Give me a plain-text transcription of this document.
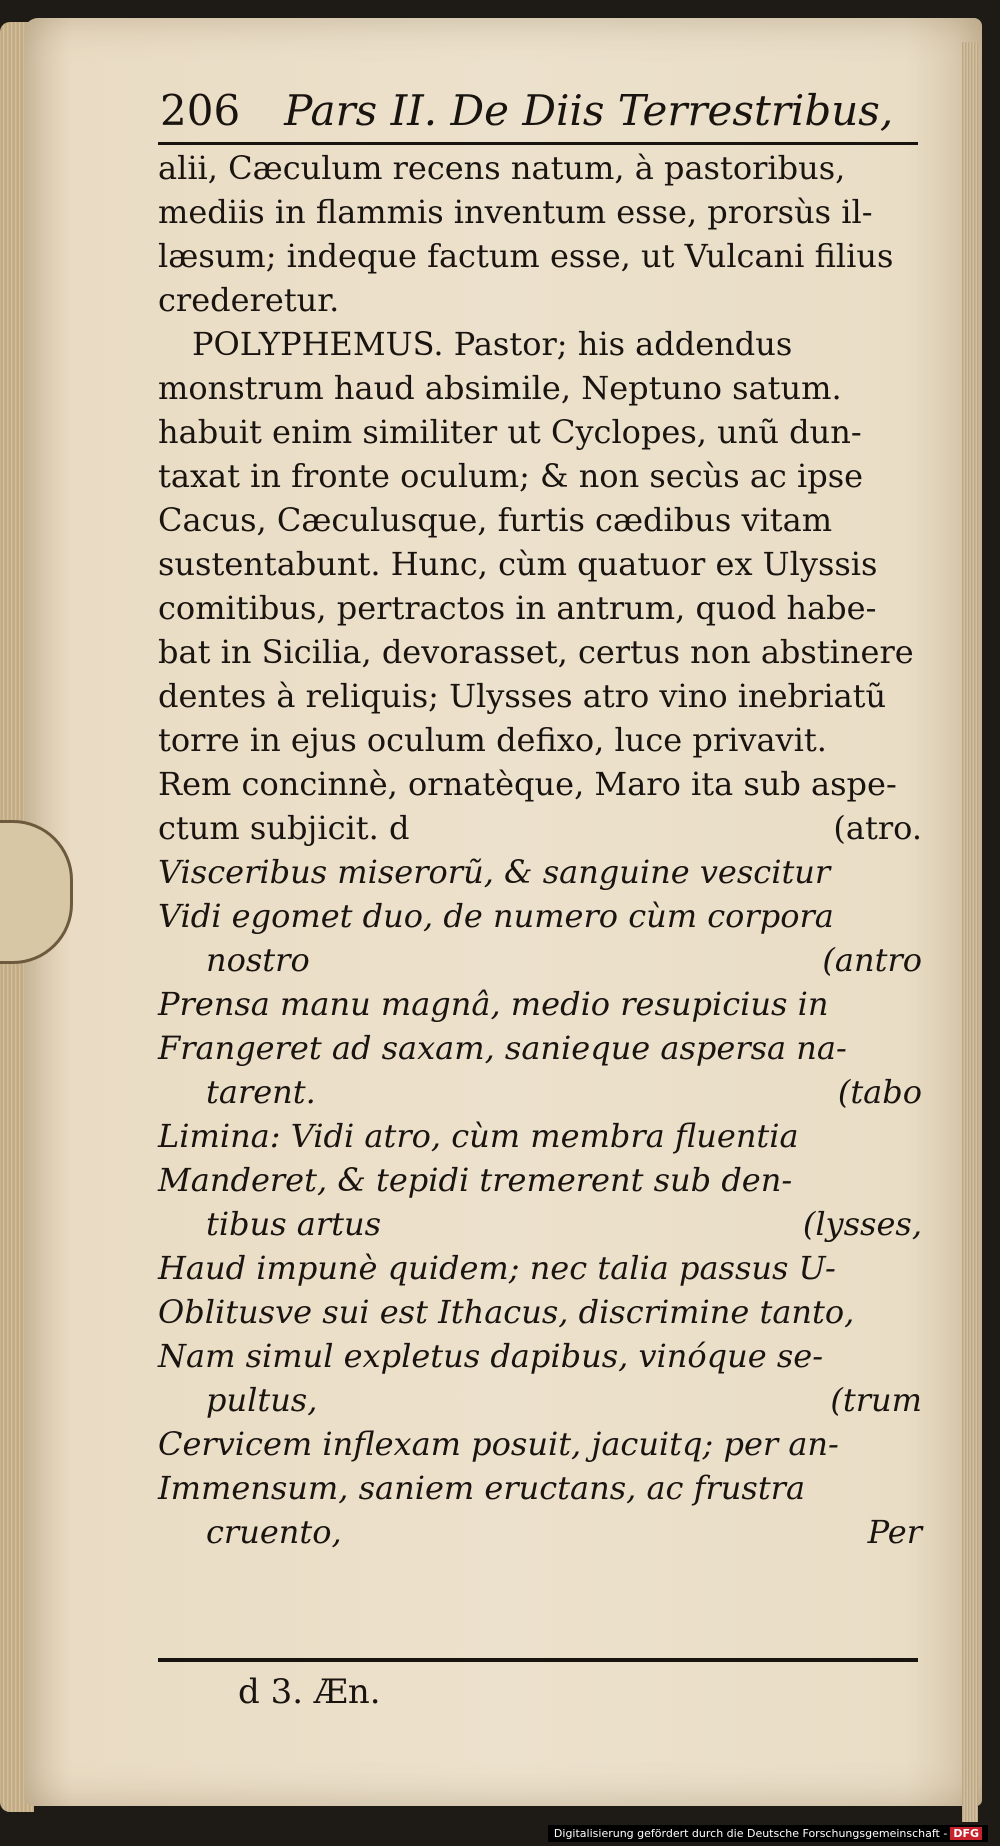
206 Pars II. De Diis Terrestribus,
alii, Cæculum recens natum, à pastoribus,
mediis in flammis inventum esse, prorsùs il-
læsum; indeque factum esse, ut Vulcani filius
crederetur.
POLYPHEMUS. Pastor; his addendus
monstrum haud absimile, Neptuno satum.
habuit enim similiter ut Cyclopes, unũ dun-
taxat in fronte oculum; & non secùs ac ipse
Cacus, Cæculusque, furtis cædibus vitam
sustentabunt. Hunc, cùm quatuor ex Ulyssis
comitibus, pertractos in antrum, quod habe-
bat in Sicilia, devorasset, certus non abstinere
dentes à reliquis; Ulysses atro vino inebriatũ
torre in ejus oculum defixo, luce privavit.
Rem concinnè, ornatèque, Maro ita sub aspe-
ctum subjicit. d	(atro.
Visceribus miserorũ, & sanguine vescitur
Vidi egomet duo, de numero cùm corpora
nostro	(antro
Prensa manu magnâ, medio resupicius in
Frangeret ad saxam, sanieque aspersa na-
tarent.	(tabo
Limina: Vidi atro, cùm membra fluentia
Manderet, & tepidi tremerent sub den-
tibus artus	(lysses,
Haud impunè quidem; nec talia passus U-
Oblitusve sui est Ithacus, discrimine tanto,
Nam simul expletus dapibus, vinóque se-
pultus,	(trum
Cervicem inflexam posuit, jacuitq; per an-
Immensum, saniem eructans, ac frustra
cruento,	Per
d 3. Æn.
Digitalisierung gefördert durch die Deutsche Forschungsgemeinschaft - DFG
